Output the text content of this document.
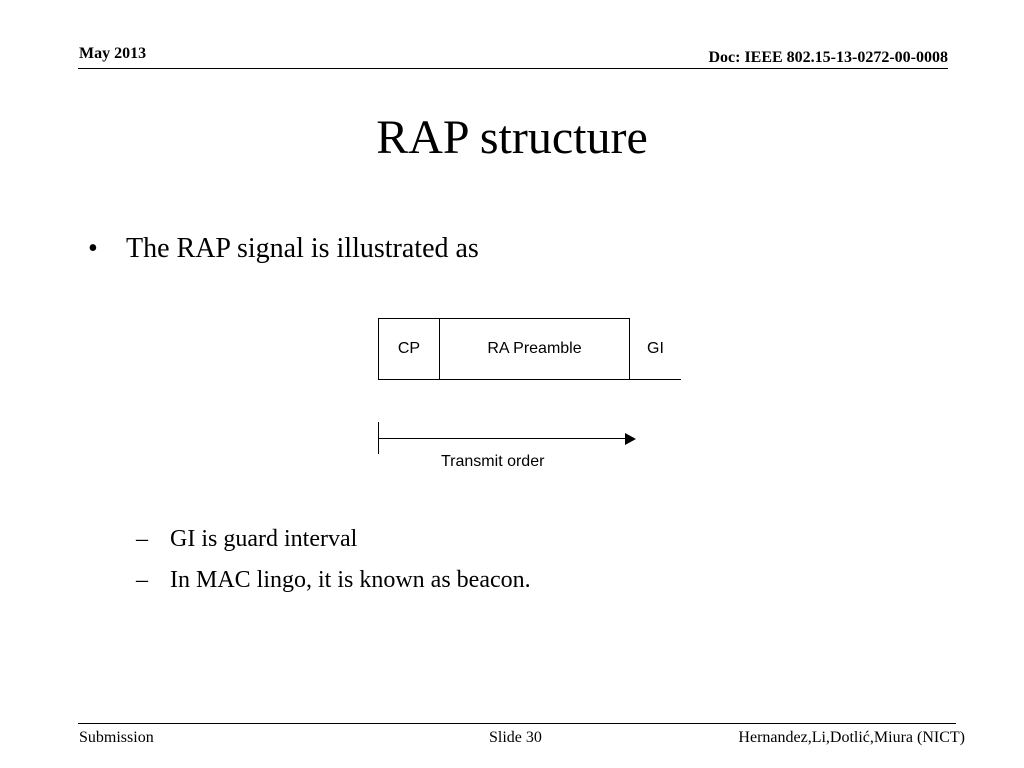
May 2013	Doc: IEEE 802.15-13-0272-00-0008
RAP structure
• The RAP signal is illustrated as
CP	RA Preamble	GI
Transmit order
– GI is guard interval
– In MAC lingo, it is known as beacon.
Submission	Slide 30	Hernandez,Li,Dotlić,Miura (NICT)
